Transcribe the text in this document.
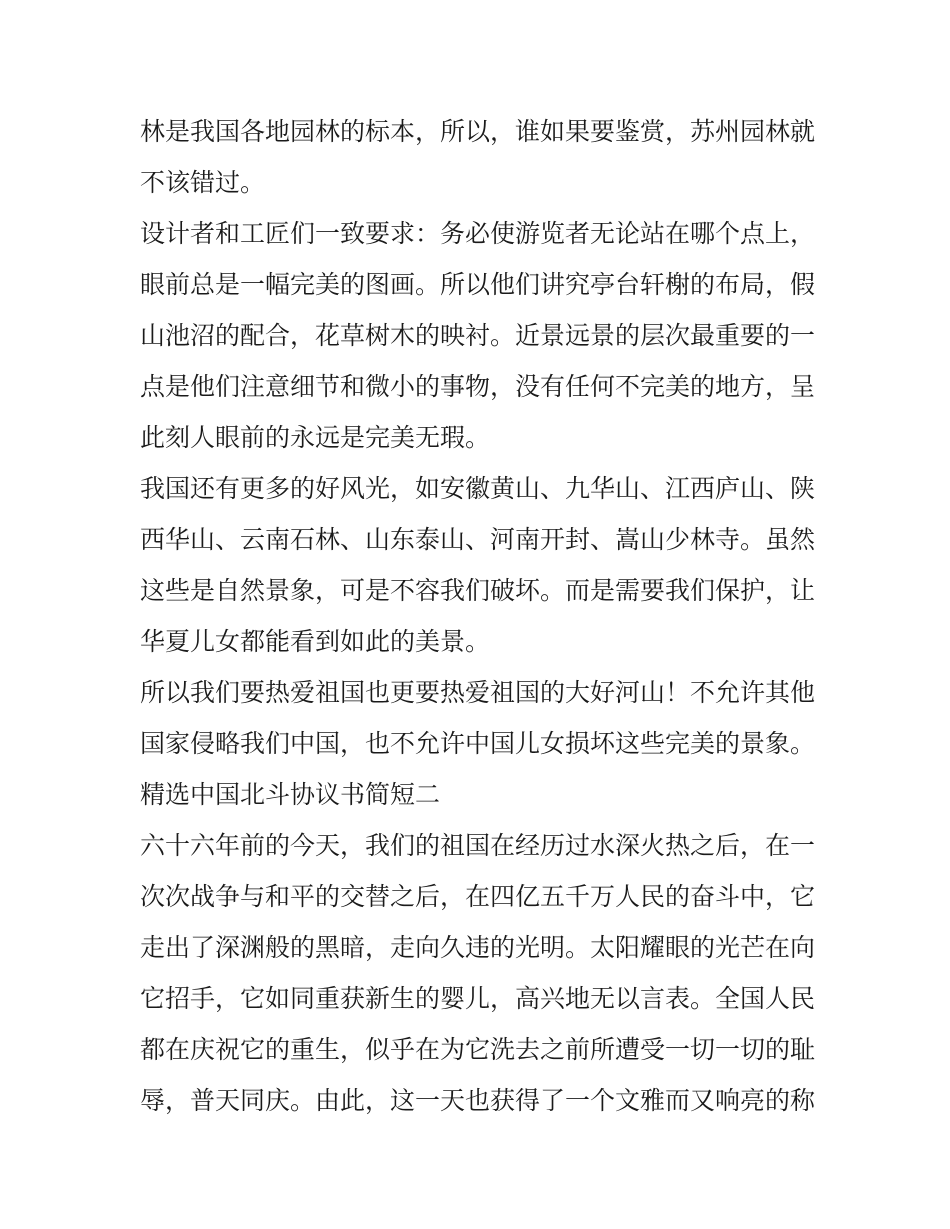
林是我国各地园林的标本，所以，谁如果要鉴赏，苏州园林就
不该错过。
设计者和工匠们一致要求：务必使游览者无论站在哪个点上，
眼前总是一幅完美的图画。所以他们讲究亭台轩榭的布局，假
山池沼的配合，花草树木的映衬。近景远景的层次最重要的一
点是他们注意细节和微小的事物，没有任何不完美的地方，呈
此刻人眼前的永远是完美无瑕。
我国还有更多的好风光，如安徽黄山、九华山、江西庐山、陕
西华山、云南石林、山东泰山、河南开封、嵩山少林寺。虽然
这些是自然景象，可是不容我们破坏。而是需要我们保护，让
华夏儿女都能看到如此的美景。
所以我们要热爱祖国也更要热爱祖国的大好河山！不允许其他
国家侵略我们中国，也不允许中国儿女损坏这些完美的景象。
精选中国北斗协议书简短二
六十六年前的今天，我们的祖国在经历过水深火热之后，在一
次次战争与和平的交替之后，在四亿五千万人民的奋斗中，它
走出了深渊般的黑暗，走向久违的光明。太阳耀眼的光芒在向
它招手，它如同重获新生的婴儿，高兴地无以言表。全国人民
都在庆祝它的重生，似乎在为它洗去之前所遭受一切一切的耻
辱，普天同庆。由此，这一天也获得了一个文雅而又响亮的称
